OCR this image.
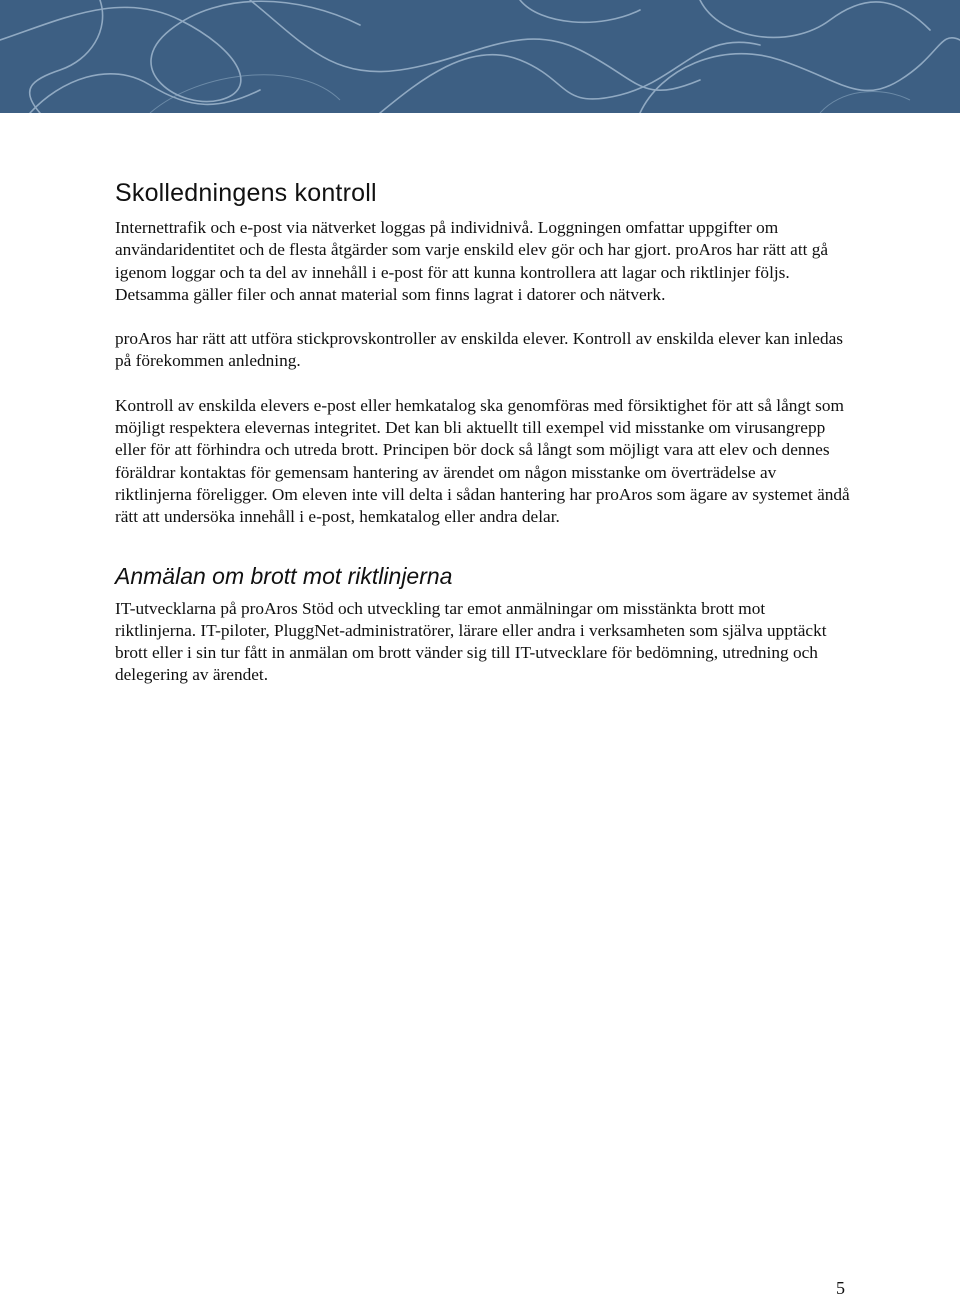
Skolledningens kontroll

Internettrafik och e-post via nätverket loggas på individnivå. Loggningen omfattar uppgifter om användaridentitet och de flesta åtgärder som varje enskild elev gör och har gjort. proAros har rätt att gå igenom loggar och ta del av innehåll i e-post för att kunna kontrollera att lagar och riktlinjer följs. Detsamma gäller filer och annat material som finns lagrat i datorer och nätverk.

proAros har rätt att utföra stickprovskontroller av enskilda elever. Kontroll av enskilda elever kan inledas på förekommen anledning.

Kontroll av enskilda elevers e-post eller hemkatalog ska genomföras med försiktighet för att så långt som möjligt respektera elevernas integritet. Det kan bli aktuellt till exempel vid misstanke om virusangrepp eller för att förhindra och utreda brott. Principen bör dock så långt som möjligt vara att elev och dennes föräldrar kontaktas för gemensam hantering av ärendet om någon misstanke om överträdelse av riktlinjerna föreligger. Om eleven inte vill delta i sådan hantering har proAros som ägare av systemet ändå rätt att undersöka innehåll i e-post, hemkatalog eller andra delar.

Anmälan om brott mot riktlinjerna

IT-utvecklarna på proAros Stöd och utveckling tar emot anmälningar om misstänkta brott mot riktlinjerna. IT-piloter, PluggNet-administratörer, lärare eller andra i verksamheten som själva upptäckt brott eller i sin tur fått in anmälan om brott vänder sig till IT-utvecklare för bedömning, utredning och delegering av ärendet.

5
